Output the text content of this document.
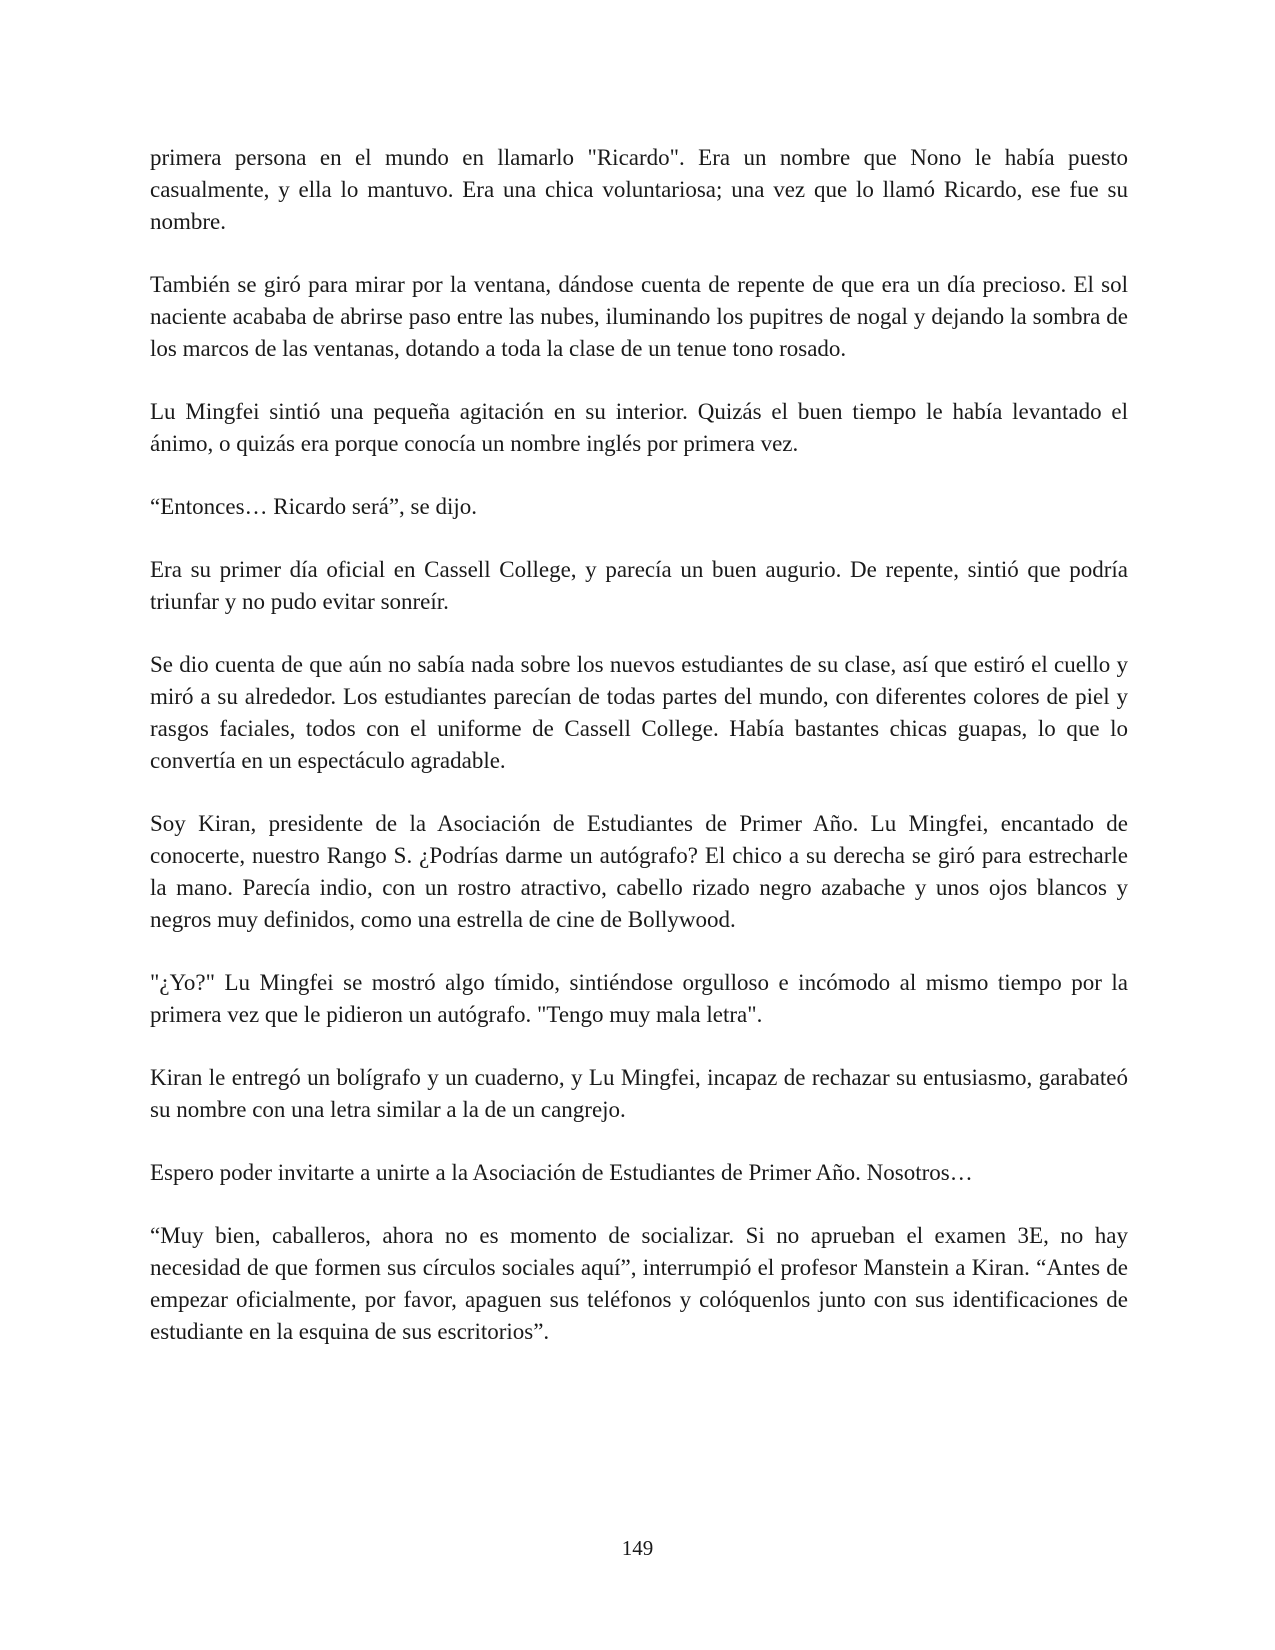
primera persona en el mundo en llamarlo "Ricardo". Era un nombre que Nono le había puesto casualmente, y ella lo mantuvo. Era una chica voluntariosa; una vez que lo llamó Ricardo, ese fue su nombre.

También se giró para mirar por la ventana, dándose cuenta de repente de que era un día precioso. El sol naciente acababa de abrirse paso entre las nubes, iluminando los pupitres de nogal y dejando la sombra de los marcos de las ventanas, dotando a toda la clase de un tenue tono rosado.

Lu Mingfei sintió una pequeña agitación en su interior. Quizás el buen tiempo le había levantado el ánimo, o quizás era porque conocía un nombre inglés por primera vez.

“Entonces… Ricardo será”, se dijo.

Era su primer día oficial en Cassell College, y parecía un buen augurio. De repente, sintió que podría triunfar y no pudo evitar sonreír.

Se dio cuenta de que aún no sabía nada sobre los nuevos estudiantes de su clase, así que estiró el cuello y miró a su alrededor. Los estudiantes parecían de todas partes del mundo, con diferentes colores de piel y rasgos faciales, todos con el uniforme de Cassell College. Había bastantes chicas guapas, lo que lo convertía en un espectáculo agradable.

Soy Kiran, presidente de la Asociación de Estudiantes de Primer Año. Lu Mingfei, encantado de conocerte, nuestro Rango S. ¿Podrías darme un autógrafo? El chico a su derecha se giró para estrecharle la mano. Parecía indio, con un rostro atractivo, cabello rizado negro azabache y unos ojos blancos y negros muy definidos, como una estrella de cine de Bollywood.

"¿Yo?" Lu Mingfei se mostró algo tímido, sintiéndose orgulloso e incómodo al mismo tiempo por la primera vez que le pidieron un autógrafo. "Tengo muy mala letra".

Kiran le entregó un bolígrafo y un cuaderno, y Lu Mingfei, incapaz de rechazar su entusiasmo, garabateó su nombre con una letra similar a la de un cangrejo.

Espero poder invitarte a unirte a la Asociación de Estudiantes de Primer Año. Nosotros…

“Muy bien, caballeros, ahora no es momento de socializar. Si no aprueban el examen 3E, no hay necesidad de que formen sus círculos sociales aquí”, interrumpió el profesor Manstein a Kiran. “Antes de empezar oficialmente, por favor, apaguen sus teléfonos y colóquenlos junto con sus identificaciones de estudiante en la esquina de sus escritorios”.

149
